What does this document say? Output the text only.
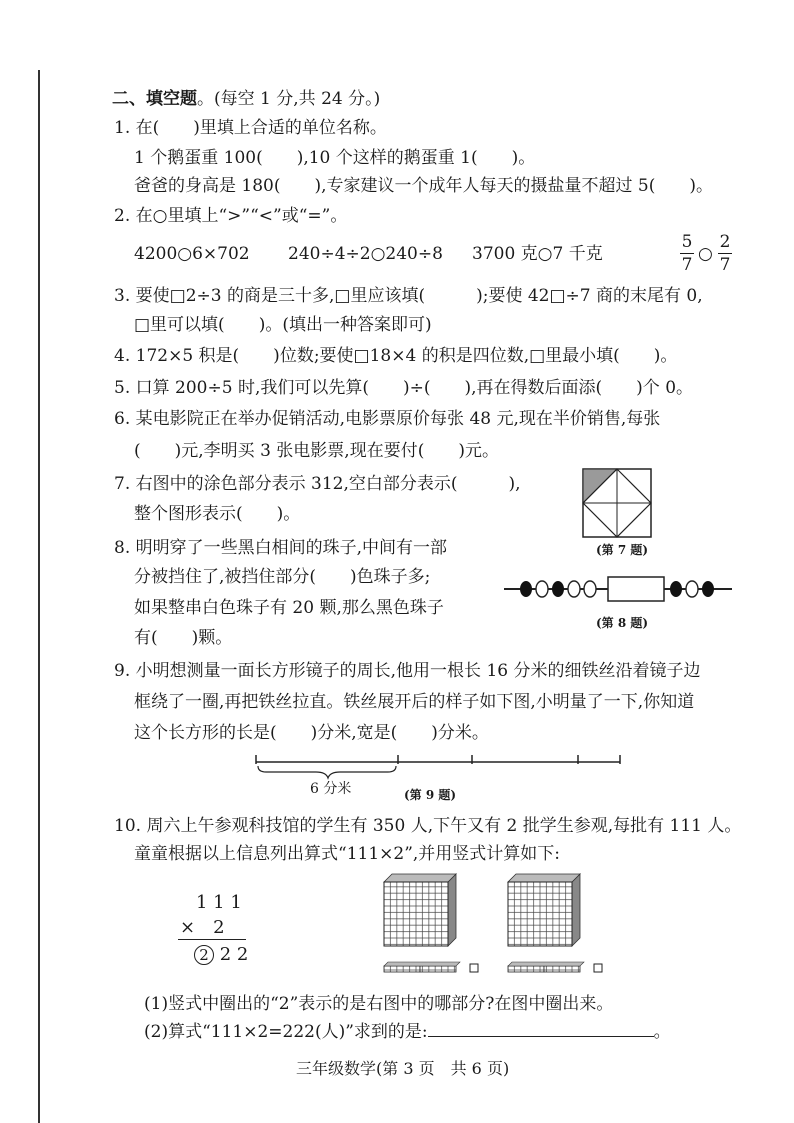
二、填空题。(每空 1 分,共 24 分。)
1. 在(　　)里填上合适的单位名称。
1 个鹅蛋重 100(　　),10 个这样的鹅蛋重 1(　　)。
爸爸的身高是 180(　　),专家建议一个成年人每天的摄盐量不超过 5(　　)。
2. 在○里填上“>”“<”或“=”。
4200○6×702 240÷4÷2○240÷8 3700 克○7 千克
5
7
○
2
7
3. 要使□2÷3 的商是三十多,□里应该填(　　　);要使 42□÷7 商的末尾有 0,
□里可以填(　　)。(填出一种答案即可)
4. 172×5 积是(　　)位数;要使□18×4 的积是四位数,□里最小填(　　)。
5. 口算 200÷5 时,我们可以先算(　　)÷(　　),再在得数后面添(　　)个 0。
6. 某电影院正在举办促销活动,电影票原价每张 48 元,现在半价销售,每张
(　　)元,李明买 3 张电影票,现在要付(　　)元。
7. 右图中的涂色部分表示 312,空白部分表示(　　　),
整个图形表示(　　)。
(第 7 题)
8. 明明穿了一些黑白相间的珠子,中间有一部
分被挡住了,被挡住部分(　　)色珠子多;
如果整串白色珠子有 20 颗,那么黑色珠子
有(　　)颗。
(第 8 题)
9. 小明想测量一面长方形镜子的周长,他用一根长 16 分米的细铁丝沿着镜子边
框绕了一圈,再把铁丝拉直。铁丝展开后的样子如下图,小明量了一下,你知道
这个长方形的长是(　　)分米,宽是(　　)分米。
6 分米	(第 9 题)
10. 周六上午参观科技馆的学生有 350 人,下午又有 2 批学生参观,每批有 111 人。
童童根据以上信息列出算式“111×2”,并用竖式计算如下:
1 1 1
×　2
2 2 2
(1)竖式中圈出的“2”表示的是右图中的哪部分?在图中圈出来。
(2)算式“111×2=222(人)”求到的是:	。
三年级数学(第 3 页　共 6 页)
